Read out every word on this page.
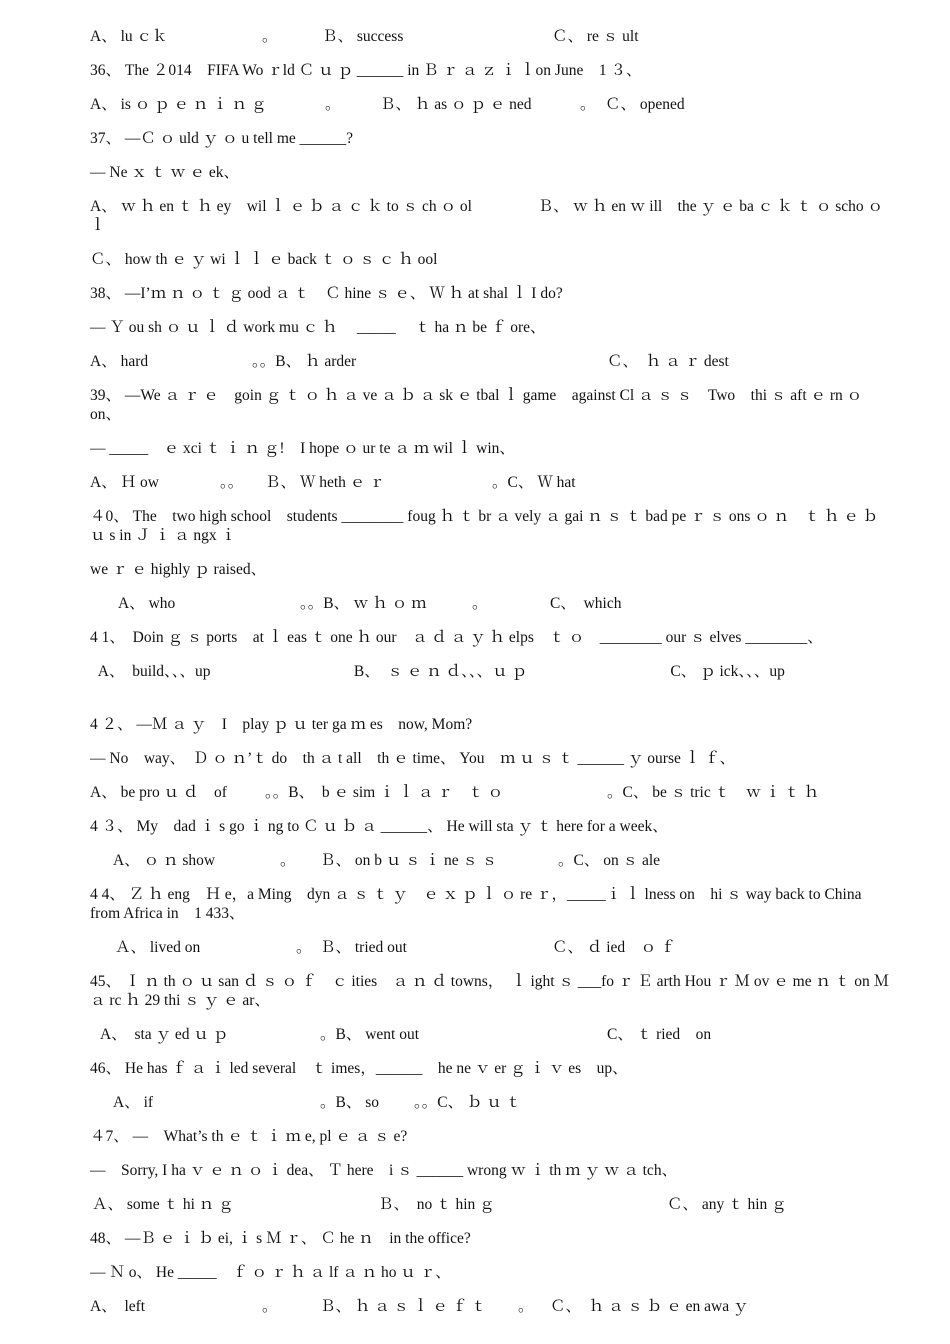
A、 lu ｃｋ	。	Ｂ、 success	Ｃ、 re ｓ ult
36、 The ２014　FIFA Wo ｒld Ｃ ｕ ｐ ______ in Ｂ ｒ ａ ｚ ｉ ｌon June　1 ３、
A、 is ｏ ｐ ｅ ｎ ｉ ｎ ｇ	。	Ｂ、 ｈ as ｏ ｐ ｅ ned	。 Ｃ、 opened
37、 —Ｃ ｏ uld ｙ ｏ u tell me ______?
— Ne ｘ ｔ ｗ ｅ ek、
A、 ｗ ｈ en ｔ ｈ ey　wil ｌ ｅ ｂ ａ ｃ ｋ to ｓ ch ｏ ol　　　　 Ｂ、 ｗ ｈ en ｗ ill　the ｙ ｅ ba ｃ ｋ ｔ ｏ scho ｏ ｌ
Ｃ、 how th ｅ ｙ wi ｌ ｌ ｅ back ｔ ｏ ｓ ｃ ｈ ool
38、 —I’ｍ ｎ ｏ ｔ ｇ ood ａ ｔ　Ｃ hine ｓ ｅ、 Ｗ ｈ at shal ｌ I do?
— Ｙ ou sh ｏ ｕ ｌ ｄ work mu ｃ ｈ　 _____　 ｔ ha ｎ be ｆ ore、
A、 hard	。。B、 ｈ arder	Ｃ、　ｈ ａ ｒ dest
39、 —We ａ ｒ ｅ　goin ｇ ｔ ｏ ｈ ａ ve ａ ｂ ａ sk ｅ tbal ｌ game　against Cl ａ ｓ ｓ　Two　thi ｓ aft ｅ rn ｏ on、
— _____　ｅ xci ｔ ｉ ｎ ｇ!　I hope ｏ ur te ａ ｍ wil ｌ win、
A、 Ｈ ow	。。 Ｂ、 Ｗ heth ｅ ｒ	。C、 Ｗ hat
４0、 The　two high school　students ________ foug ｈ ｔ br ａ vely ａ gai ｎ ｓ ｔ bad pe ｒ ｓ ons ｏ ｎ　ｔ ｈ ｅ ｂ ｕ s in Ｊ ｉ ａ ngx ｉ
we ｒ ｅ highly ｐ raised、
A、 who	。。B、 ｗ ｈ ｏ ｍ	。	C、　which
4 1、　Doin ｇ ｓ ports　at ｌ eas ｔ one ｈ our　ａ ｄ ａ ｙ ｈ elps　ｔ ｏ　________ our ｓ elves ________、
A、　build、、、up　　　　　　　　　 B、　ｓ ｅ ｎ ｄ、、、ｕ ｐ　　　　　　　　　 C、 ｐ ick、、、up
4 ２、 —Ｍ ａ ｙ　I　play ｐ ｕ ter ga ｍ es　now, Mom?
— No　way、　Ｄ ｏ ｎ’ｔ do　th ａ t all　th ｅ time、 You　ｍ ｕ ｓ ｔ ______ ｙ ourse ｌ ｆ、
A、 be pro ｕ ｄ　of 。。B、　b ｅ sim ｉ ｌ ａ ｒ　ｔ ｏ	。C、 be ｓ tric ｔ　ｗ ｉ ｔ ｈ
4 ３、 My　dad ｉ s go ｉ ng to Ｃ ｕ ｂ ａ ______、 He will sta ｙ ｔ here for a week、
A、 ｏ ｎ show	。 Ｂ、 on b ｕ ｓ ｉ ne ｓ ｓ	。C、 on ｓ ale
4 4、 Ｚ ｈ eng　Ｈ e，a Ming　dyn ａ ｓ ｔ ｙ　ｅ ｘ ｐ ｌ ｏ re ｒ，_____ｉ ｌ lness on　hi ｓ way back to China from Africa in　1 433、
Ａ、 lived on	。 Ｂ、 tried out	Ｃ、 ｄ ied　ｏ ｆ
45、 Ｉ ｎ th ｏ ｕ san ｄ ｓ ｏ ｆ　ｃ ities　ａ ｎ ｄ towns，　ｌ ight ｓ ___fo ｒ Ｅ arth Hou ｒ Ｍ ov ｅ me ｎ ｔ on Ｍ ａ rc ｈ 29 thi ｓ ｙ ｅ ar、
A、　sta ｙ ed ｕ ｐ	。B、 went out	C、 ｔ ried　on
46、 He has ｆ ａ ｉ led several　ｔ imes，______　he ne ｖ er ｇ ｉ ｖ es　up、
A、 if	。B、 so 。。C、 ｂ ｕ ｔ
４7、 —　What’s th ｅ ｔ ｉ ｍ e, pl ｅ ａ ｓ e?
—　Sorry, I ha ｖ ｅ ｎ ｏ ｉ dea、 Ｔ here　i ｓ ______ wrong ｗ ｉ th ｍ ｙ ｗ ａ tch、
Ａ、 some ｔ hi ｎ ｇ	Ｂ、　no ｔ hin ｇ	Ｃ、 any ｔ hin ｇ
48、 —Ｂ ｅ ｉ ｂ ei, ｉ s Ｍ ｒ、 Ｃ he ｎ　in the office?
— Ｎ o、 He _____　ｆ ｏ ｒ ｈ ａ lf ａ ｎ ho ｕ ｒ、
A、　left	。	Ｂ、 ｈ ａ ｓ ｌ ｅ ｆ ｔ 。 Ｃ、　ｈ ａ ｓ ｂ ｅ en awa ｙ
